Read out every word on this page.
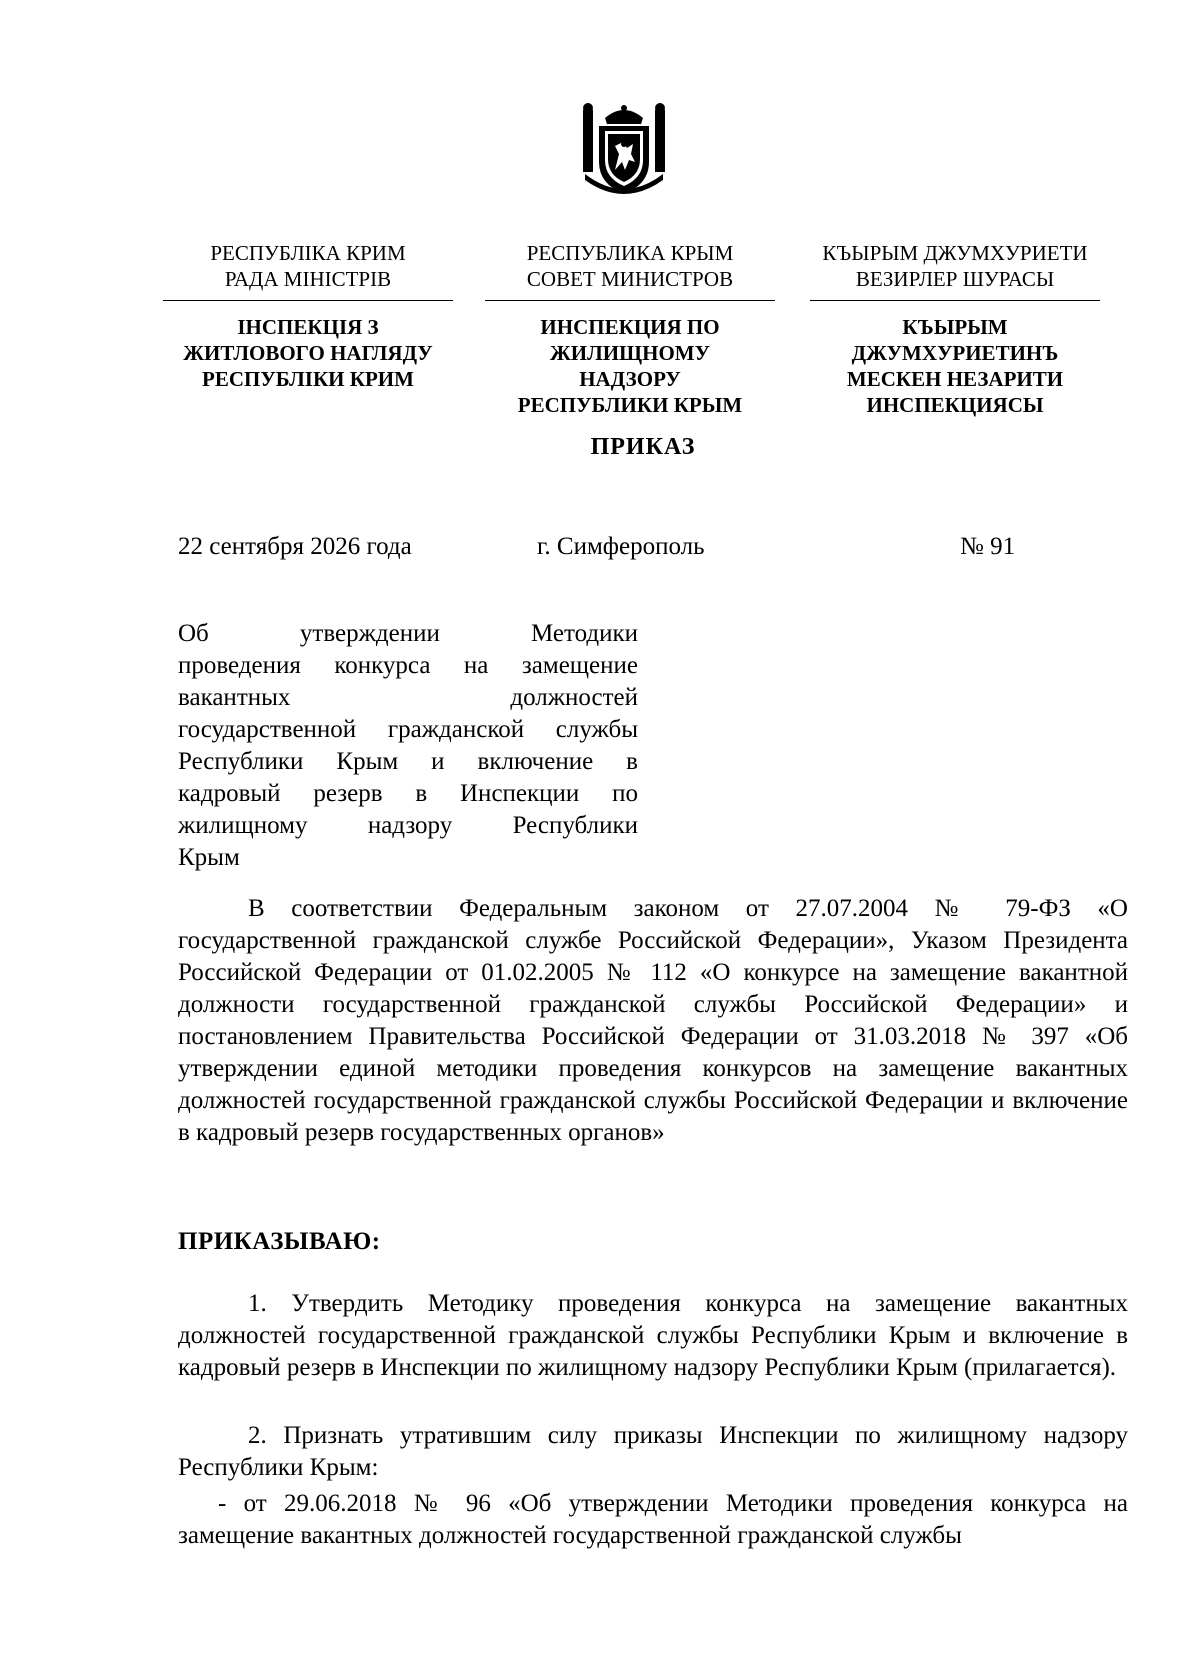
РЕСПУБЛІКА КРИМ
РАДА МІНІСТРІВ
ІНСПЕКЦІЯ З
ЖИТЛОВОГО НАГЛЯДУ
РЕСПУБЛІКИ КРИМ
РЕСПУБЛИКА КРЫМ
СОВЕТ МИНИСТРОВ
ИНСПЕКЦИЯ ПО
ЖИЛИЩНОМУ
НАДЗОРУ
РЕСПУБЛИКИ КРЫМ
КЪЫРЫМ ДЖУМХУРИЕТИ
ВЕЗИРЛЕР ШУРАСЫ
КЪЫРЫМ
ДЖУМХУРИЕТИНЪ
МЕСКЕН НЕЗАРИТИ
ИНСПЕКЦИЯСЫ
ПРИКАЗ
22 сентября 2026 года	г. Симферополь	№ 91
Об утверждении Методики
проведения конкурса на замещение
вакантных должностей
государственной гражданской службы
Республики Крым и включение в
кадровый резерв в Инспекции по
жилищному надзору Республики
Крым
В соответствии Федеральным законом от 27.07.2004 № 79-ФЗ «О государственной гражданской службе Российской Федерации», Указом Президента Российской Федерации от 01.02.2005 № 112 «О конкурсе на замещение вакантной должности государственной гражданской службы Российской Федерации» и постановлением Правительства Российской Федерации от 31.03.2018 № 397 «Об утверждении единой методики проведения конкурсов на замещение вакантных должностей государственной гражданской службы Российской Федерации и включение в кадровый резерв государственных органов»
ПРИКАЗЫВАЮ:
1. Утвердить Методику проведения конкурса на замещение вакантных должностей государственной гражданской службы Республики Крым и включение в кадровый резерв в Инспекции по жилищному надзору Республики Крым (прилагается).
2. Признать утратившим силу приказы Инспекции по жилищному надзору Республики Крым:
- от 29.06.2018 № 96 «Об утверждении Методики проведения конкурса на замещение вакантных должностей государственной гражданской службы
